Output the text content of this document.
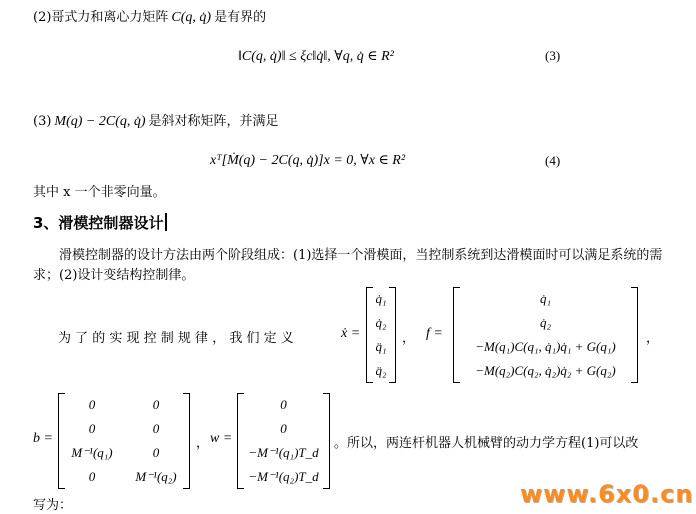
(2)哥式力和离心力矩阵 C(q, q̇) 是有界的
‖C(q, q̇)‖ ≤ ξc‖q̇‖, ∀q, q̇ ∈ R²	(3)
(3) M(q) − 2C(q, q̇) 是斜对称矩阵，并满足
xᵀ[Ṁ(q) − 2C(q, q̇)]x = 0, ∀x ∈ R²	(4)
其中 x 一个非零向量。
3、滑模控制器设计
滑模控制器的设计方法由两个阶段组成：(1)选择一个滑模面，当控制系统到达滑模面时可以满足系统的需求；(2)设计变结构控制律。
为 了 的 实 现 控 制 规 律 ， 我 们 定 义	ẋ =
q̇₁
q̇₂
q̈₁
q̈₂
， f =
q̇₁
q̇₂
−M(q₁)C(q₁, q̇₁)q̇₁ + G(q₁)
−M(q₂)C(q₂, q̇₂)q̇₂ + G(q₂)
，
b =
0	0
0	0
M⁻¹(q₁)	0
0	M⁻¹(q₂)
， w =
0
0
−M⁻¹(q₁)T_d
−M⁻¹(q₂)T_d
。所以，两连杆机器人机械臂的动力学方程(1)可以改
写为：	www.6x0.cn
